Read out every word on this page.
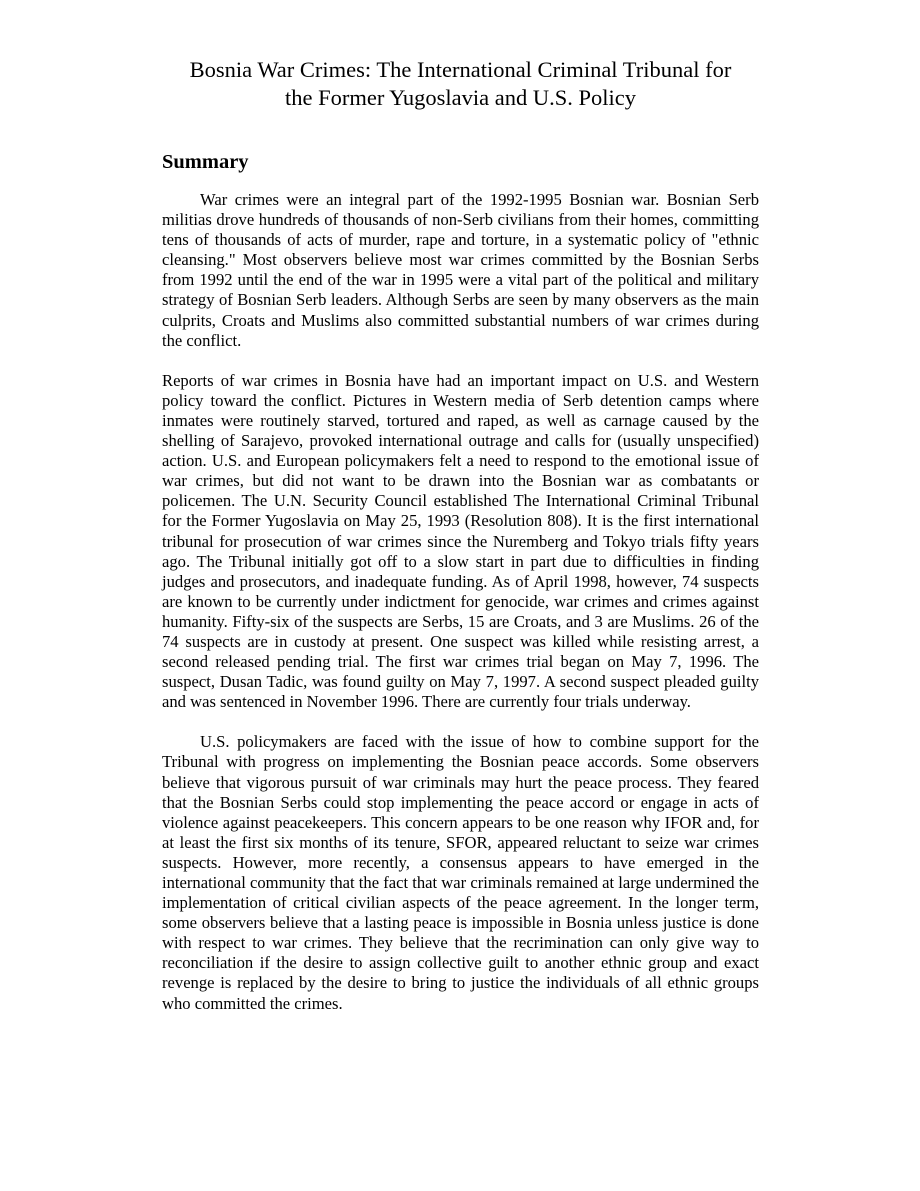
Bosnia War Crimes: The International Criminal Tribunal for
the Former Yugoslavia and U.S. Policy
Summary

War crimes were an integral part of the 1992-1995 Bosnian war. Bosnian Serb militias drove hundreds of thousands of non-Serb civilians from their homes, committing tens of thousands of acts of murder, rape and torture, in a systematic policy of "ethnic cleansing." Most observers believe most war crimes committed by the Bosnian Serbs from 1992 until the end of the war in 1995 were a vital part of the political and military strategy of Bosnian Serb leaders. Although Serbs are seen by many observers as the main culprits, Croats and Muslims also committed substantial numbers of war crimes during the conflict.

Reports of war crimes in Bosnia have had an important impact on U.S. and Western policy toward the conflict. Pictures in Western media of Serb detention camps where inmates were routinely starved, tortured and raped, as well as carnage caused by the shelling of Sarajevo, provoked international outrage and calls for (usually unspecified) action. U.S. and European policymakers felt a need to respond to the emotional issue of war crimes, but did not want to be drawn into the Bosnian war as combatants or policemen. The U.N. Security Council established The International Criminal Tribunal for the Former Yugoslavia on May 25, 1993 (Resolution 808). It is the first international tribunal for prosecution of war crimes since the Nuremberg and Tokyo trials fifty years ago. The Tribunal initially got off to a slow start in part due to difficulties in finding judges and prosecutors, and inadequate funding. As of April 1998, however, 74 suspects are known to be currently under indictment for genocide, war crimes and crimes against humanity. Fifty-six of the suspects are Serbs, 15 are Croats, and 3 are Muslims. 26 of the 74 suspects are in custody at present. One suspect was killed while resisting arrest, a second released pending trial. The first war crimes trial began on May 7, 1996. The suspect, Dusan Tadic, was found guilty on May 7, 1997. A second suspect pleaded guilty and was sentenced in November 1996. There are currently four trials underway.

U.S. policymakers are faced with the issue of how to combine support for the Tribunal with progress on implementing the Bosnian peace accords. Some observers believe that vigorous pursuit of war criminals may hurt the peace process. They feared that the Bosnian Serbs could stop implementing the peace accord or engage in acts of violence against peacekeepers. This concern appears to be one reason why IFOR and, for at least the first six months of its tenure, SFOR, appeared reluctant to seize war crimes suspects. However, more recently, a consensus appears to have emerged in the international community that the fact that war criminals remained at large undermined the implementation of critical civilian aspects of the peace agreement. In the longer term, some observers believe that a lasting peace is impossible in Bosnia unless justice is done with respect to war crimes. They believe that the recrimination can only give way to reconciliation if the desire to assign collective guilt to another ethnic group and exact revenge is replaced by the desire to bring to justice the individuals of all ethnic groups who committed the crimes.
